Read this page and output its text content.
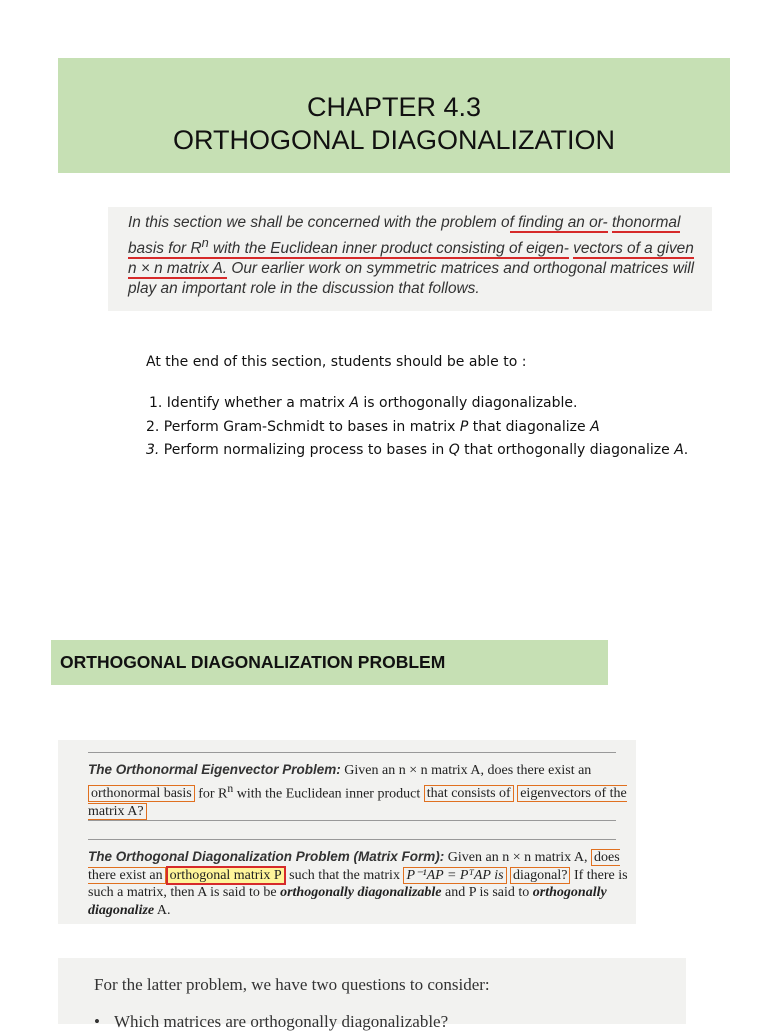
CHAPTER 4.3
ORTHOGONAL DIAGONALIZATION
In this section we shall be concerned with the problem of finding an or- thonormal basis for $R^n$ with the Euclidean inner product consisting of eigen- vectors of a given n × n matrix A. Our earlier work on symmetric matrices and orthogonal matrices will play an important role in the discussion that follows.
At the end of this section, students should be able to :
1. Identify whether a matrix A is orthogonally diagonalizable.
2. Perform Gram-Schmidt to bases in matrix P that diagonalize A
3. Perform normalizing process to bases in Q that orthogonally diagonalize A.
ORTHOGONAL DIAGONALIZATION PROBLEM
The Orthonormal Eigenvector Problem: Given an n × n matrix A, does there exist an orthonormal basis for $R^n$ with the Euclidean inner product that consists of eigenvectors of the matrix A?
The Orthogonal Diagonalization Problem (Matrix Form): Given an n × n matrix A, does there exist an orthogonal matrix P such that the matrix P⁻¹AP = PᵀAP is diagonal? If there is such a matrix, then A is said to be orthogonally diagonalizable and P is said to orthogonally diagonalize A.
For the latter problem, we have two questions to consider:
• Which matrices are orthogonally diagonalizable?
